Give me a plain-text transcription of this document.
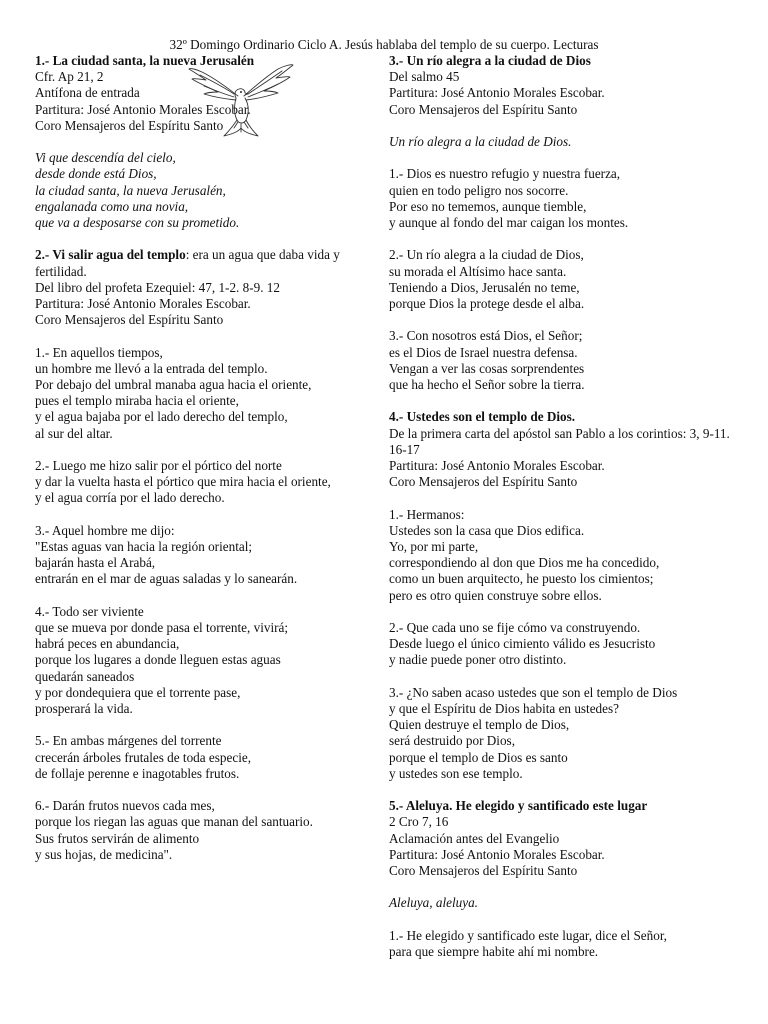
32º Domingo Ordinario Ciclo A. Jesús hablaba del templo de su cuerpo. Lecturas
1.- La ciudad santa, la nueva Jerusalén
Cfr. Ap 21, 2
Antífona de entrada
Partitura: José Antonio Morales Escobar.
Coro Mensajeros del Espíritu Santo
Vi que descendía del cielo,
desde donde está Dios,
la ciudad santa, la nueva Jerusalén,
engalanada como una novia,
que va a desposarse con su prometido.
2.- Vi salir agua del templo: era un agua que daba vida y fertilidad.
Del libro del profeta Ezequiel: 47, 1-2. 8-9. 12
Partitura: José Antonio Morales Escobar.
Coro Mensajeros del Espíritu Santo
1.- En aquellos tiempos,
un hombre me llevó a la entrada del templo.
Por debajo del umbral manaba agua hacia el oriente,
pues el templo miraba hacia el oriente,
y el agua bajaba por el lado derecho del templo,
al sur del altar.
2.- Luego me hizo salir por el pórtico del norte
y dar la vuelta hasta el pórtico que mira hacia el oriente,
y el agua corría por el lado derecho.
3.- Aquel hombre me dijo:
"Estas aguas van hacia la región oriental;
bajarán hasta el Arabá,
entrarán en el mar de aguas saladas y lo sanearán.
4.- Todo ser viviente
que se mueva por donde pasa el torrente, vivirá;
habrá peces en abundancia,
porque los lugares a donde lleguen estas aguas
quedarán saneados
y por dondequiera que el torrente pase,
prosperará la vida.
5.- En ambas márgenes del torrente
crecerán árboles frutales de toda especie,
de follaje perenne e inagotables frutos.
6.- Darán frutos nuevos cada mes,
porque los riegan las aguas que manan del santuario.
Sus frutos servirán de alimento
y sus hojas, de medicina".
3.- Un río alegra a la ciudad de Dios
Del salmo 45
Partitura: José Antonio Morales Escobar.
Coro Mensajeros del Espíritu Santo
Un río alegra a la ciudad de Dios.
1.- Dios es nuestro refugio y nuestra fuerza,
quien en todo peligro nos socorre.
Por eso no tememos, aunque tiemble,
y aunque al fondo del mar caigan los montes.
2.- Un río alegra a la ciudad de Dios,
su morada el Altísimo hace santa.
Teniendo a Dios, Jerusalén no teme,
porque Dios la protege desde el alba.
3.- Con nosotros está Dios, el Señor;
es el Dios de Israel nuestra defensa.
Vengan a ver las cosas sorprendentes
que ha hecho el Señor sobre la tierra.
4.- Ustedes son el templo de Dios.
De la primera carta del apóstol san Pablo a los corintios: 3, 9-11. 16-17
Partitura: José Antonio Morales Escobar.
Coro Mensajeros del Espíritu Santo
1.- Hermanos:
Ustedes son la casa que Dios edifica.
Yo, por mi parte,
correspondiendo al don que Dios me ha concedido,
como un buen arquitecto, he puesto los cimientos;
pero es otro quien construye sobre ellos.
2.- Que cada uno se fije cómo va construyendo.
Desde luego el único cimiento válido es Jesucristo
y nadie puede poner otro distinto.
3.- ¿No saben acaso ustedes que son el templo de Dios
y que el Espíritu de Dios habita en ustedes?
Quien destruye el templo de Dios,
será destruido por Dios,
porque el templo de Dios es santo
y ustedes son ese templo.
5.- Aleluya. He elegido y santificado este lugar
2 Cro 7, 16
Aclamación antes del Evangelio
Partitura: José Antonio Morales Escobar.
Coro Mensajeros del Espíritu Santo
Aleluya, aleluya.
1.- He elegido y santificado este lugar, dice el Señor,
para que siempre habite ahí mi nombre.
